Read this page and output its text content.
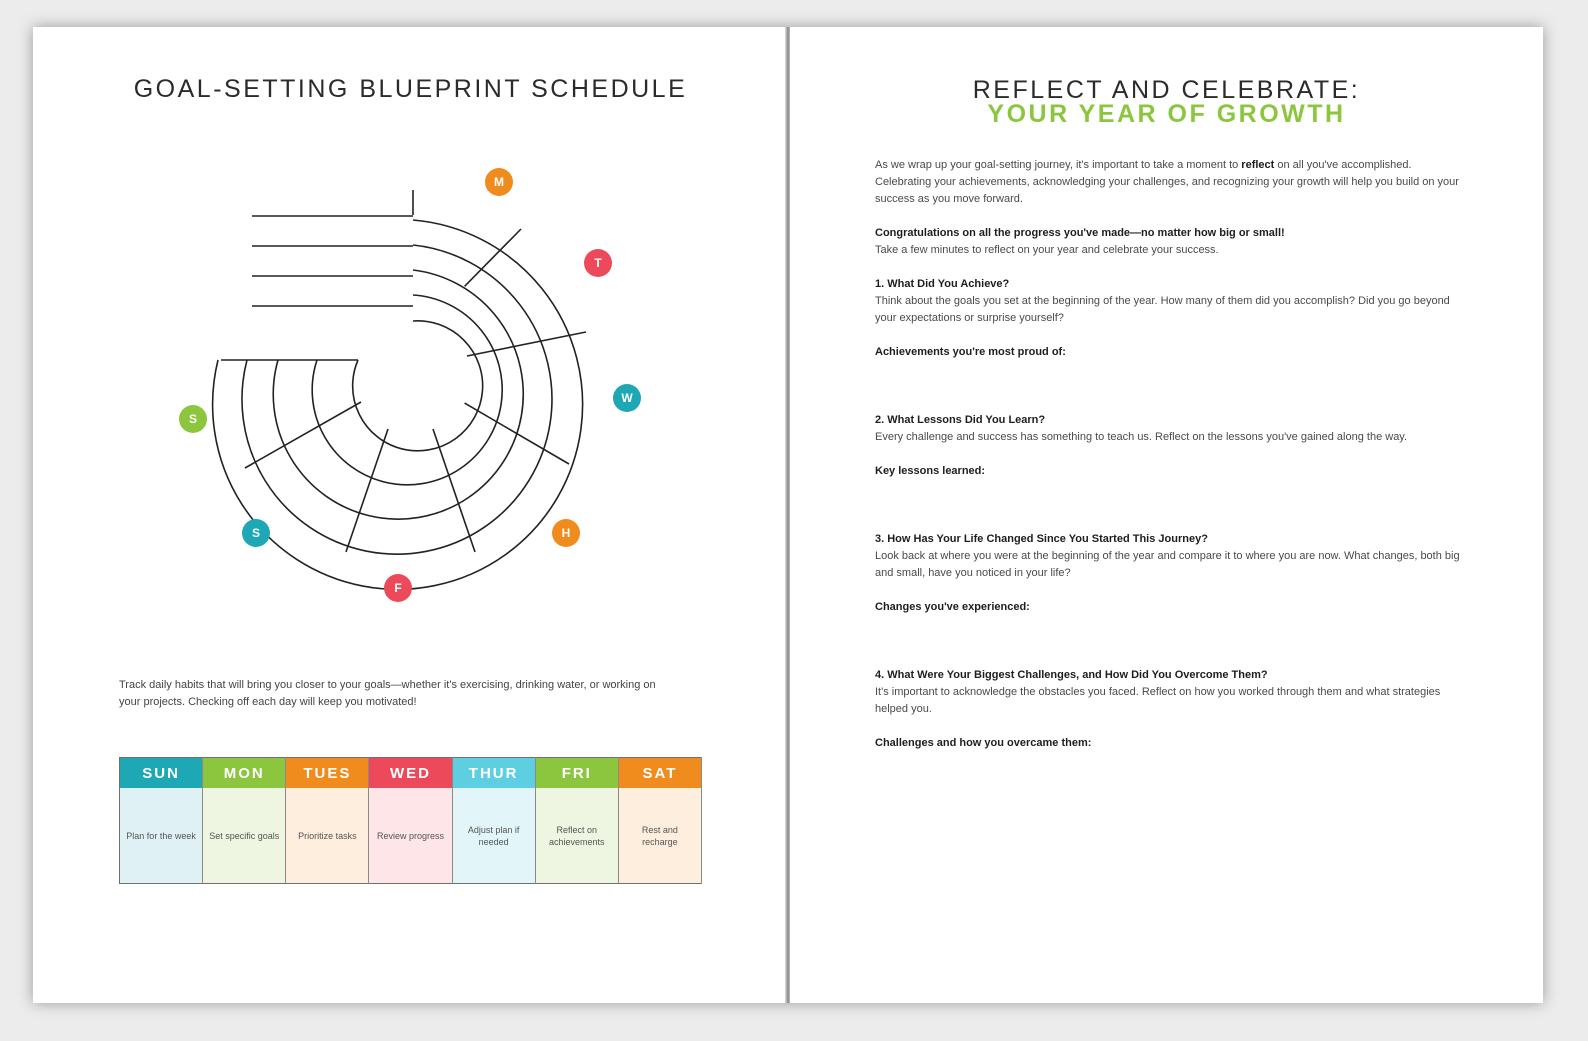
GOAL-SETTING BLUEPRINT SCHEDULE
M
T
W
H
F
S
S
Track daily habits that will bring you closer to your goals—whether it's exercising, drinking water, or working on your projects. Checking off each day will keep you motivated!
SUN	MON	TUES	WED	THUR	FRI	SAT
Plan for the week	Set specific goals	Prioritize tasks	Review progress	Adjust plan if needed	Reflect on achievements	Rest and recharge
REFLECT AND CELEBRATE:
YOUR YEAR OF GROWTH

As we wrap up your goal-setting journey, it's important to take a moment to reflect on all you've accomplished. Celebrating your achievements, acknowledging your challenges, and recognizing your growth will help you build on your success as you move forward.

Congratulations on all the progress you've made—no matter how big or small!

Take a few minutes to reflect on your year and celebrate your success.

1. What Did You Achieve?

Think about the goals you set at the beginning of the year. How many of them did you accomplish? Did you go beyond your expectations or surprise yourself?

Achievements you're most proud of:

2. What Lessons Did You Learn?

Every challenge and success has something to teach us. Reflect on the lessons you've gained along the way.

Key lessons learned:

3. How Has Your Life Changed Since You Started This Journey?

Look back at where you were at the beginning of the year and compare it to where you are now. What changes, both big and small, have you noticed in your life?

Changes you've experienced:

4. What Were Your Biggest Challenges, and How Did You Overcome Them?

It's important to acknowledge the obstacles you faced. Reflect on how you worked through them and what strategies helped you.

Challenges and how you overcame them:
